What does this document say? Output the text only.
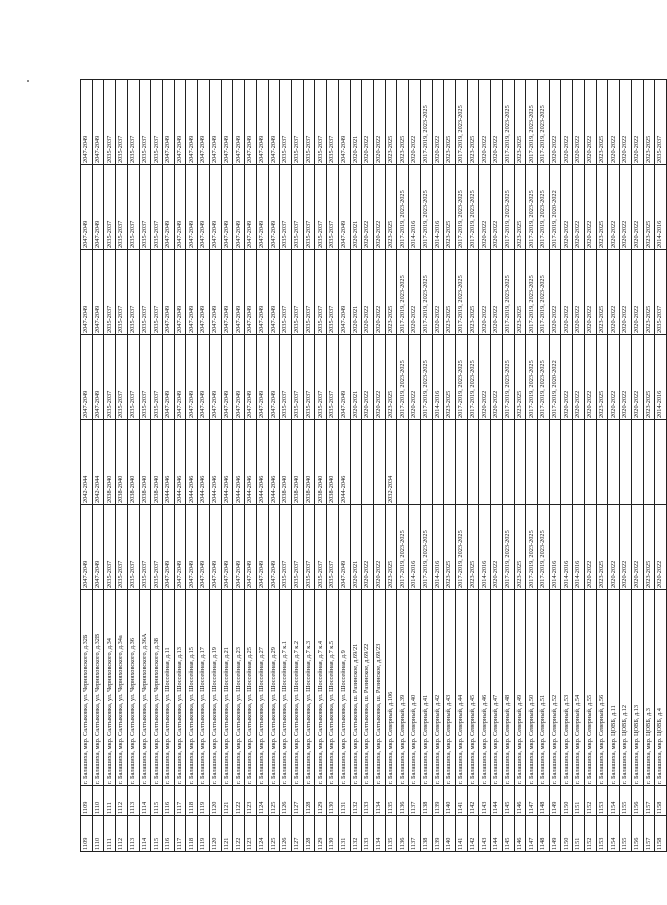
1109	1109	г. Балашиха, мкр. Салтыковка, ул. Черняховского, д.32Б	2047-2049	2042-2044	2047-2049	2047-2049	2047-2049	2047-2049
1110	1110	г. Балашиха, мкр. Салтыковка, ул. Черняховского, д.32В	2047-2049	2042-2044	2047-2049	2047-2049	2047-2049	2047-2049
1111	1111	г. Балашиха, мкр. Салтыковка, ул. Черняховского, д.34	2035-2037	2038-2040	2035-2037	2035-2037	2035-2037	2035-2037
1112	1112	г. Балашиха, мкр. Салтыковка, ул. Черняховского, д.34а	2035-2037	2038-2040	2035-2037	2035-2037	2035-2037	2035-2037
1113	1113	г. Балашиха, мкр. Салтыковка, ул. Черняховского, д.36	2035-2037	2038-2040	2035-2037	2035-2037	2035-2037	2035-2037
1114	1114	г. Балашиха, мкр. Салтыковка, ул. Черняховского, д.36А	2035-2037	2038-2040	2035-2037	2035-2037	2035-2037	2035-2037
1115	1115	г. Балашиха, мкр. Салтыковка, ул. Черняховского, д.38	2035-2037	2038-2040	2035-2037	2035-2037	2035-2037	2035-2037
1116	1116	г. Балашиха, мкр. Салтыковка, ул. Шоссейная, д.11	2047-2049	2044-2046	2047-2049	2047-2049	2047-2049	2047-2049
1117	1117	г. Балашиха, мкр. Салтыковка, ул. Шоссейная, д.13	2047-2049	2044-2046	2047-2049	2047-2049	2047-2049	2047-2049
1118	1118	г. Балашиха, мкр. Салтыковка, ул. Шоссейная, д.15	2047-2049	2044-2046	2047-2049	2047-2049	2047-2049	2047-2049
1119	1119	г. Балашиха, мкр. Салтыковка, ул. Шоссейная, д.17	2047-2049	2044-2046	2047-2049	2047-2049	2047-2049	2047-2049
1120	1120	г. Балашиха, мкр. Салтыковка, ул. Шоссейная, д.19	2047-2049	2044-2046	2047-2049	2047-2049	2047-2049	2047-2049
1121	1121	г. Балашиха, мкр. Салтыковка, ул. Шоссейная, д.21	2047-2049	2044-2046	2047-2049	2047-2049	2047-2049	2047-2049
1122	1122	г. Балашиха, мкр. Салтыковка, ул. Шоссейная, д.23	2047-2049	2044-2046	2047-2049	2047-2049	2047-2049	2047-2049
1123	1123	г. Балашиха, мкр. Салтыковка, ул. Шоссейная, д.25	2047-2049	2044-2046	2047-2049	2047-2049	2047-2049	2047-2049
1124	1124	г. Балашиха, мкр. Салтыковка, ул. Шоссейная, д.27	2047-2049	2044-2046	2047-2049	2047-2049	2047-2049	2047-2049
1125	1125	г. Балашиха, мкр. Салтыковка, ул. Шоссейная, д.29	2047-2049	2044-2046	2047-2049	2047-2049	2047-2049	2047-2049
1126	1126	г. Балашиха, мкр. Салтыковка, ул. Шоссейная, д.7 к.1	2035-2037	2038-2040	2035-2037	2035-2037	2035-2037	2035-2037
1127	1127	г. Балашиха, мкр. Салтыковка, ул. Шоссейная, д.7 к.2	2035-2037	2038-2040	2035-2037	2035-2037	2035-2037	2035-2037
1128	1128	г. Балашиха, мкр. Салтыковка, ул. Шоссейная, д.7 к.3	2035-2037	2038-2040	2035-2037	2035-2037	2035-2037	2035-2037
1129	1129	г. Балашиха, мкр. Салтыковка, ул. Шоссейная, д.7 к.4	2035-2037	2038-2040	2035-2037	2035-2037	2035-2037	2035-2037
1130	1130	г. Балашиха, мкр. Салтыковка, ул. Шоссейная, д.7 к.5	2035-2037	2038-2040	2035-2037	2035-2037	2035-2037	2035-2037
1131	1131	г. Балашиха, мкр. Салтыковка, ул. Шоссейная, д.9	2047-2049	2044-2046	2047-2049	2047-2049	2047-2049	2047-2049
1132	1132	г. Балашиха, мкр. Салтыковка, ш. Разинское, д.69/21	2020-2021		2020-2021	2020-2021	2020-2021	2020-2021
1133	1133	г. Балашиха, мкр. Салтыковка, ш. Разинское, д.69/22	2020-2022		2020-2022	2020-2022	2020-2022	2020-2022
1134	1134	г. Балашиха, мкр. Салтыковка, ш. Разинское, д.69/23	2020-2022		2020-2022	2020-2022	2020-2022	2020-2022
1135	1135	г. Балашиха, мкр. Северный, д.106	2023-2025	2032-2034	2023-2025	2023-2025	2023-2025	2023-2025
1136	1136	г. Балашиха, мкр. Северный, д.39	2017-2019, 2023-2025		2017-2019, 2023-2025	2017-2019, 2023-2025	2017-2019, 2023-2025	2023-2025
1137	1137	г. Балашиха, мкр. Северный, д.40	2014-2016		2020-2022	2020-2022	2014-2016	2020-2022
1138	1138	г. Балашиха, мкр. Северный, д.41	2017-2019, 2023-2025		2017-2019, 2023-2025	2017-2019, 2023-2025	2017-2019, 2023-2025	2017-2019, 2023-2025
1139	1139	г. Балашиха, мкр. Северный, д.42	2014-2016		2014-2016	2020-2022	2014-2016	2020-2022
1140	1140	г. Балашиха, мкр. Северный, д.43	2023-2025		2023-2025	2023-2025	2023-2025	2023-2025
1141	1141	г. Балашиха, мкр. Северный, д.44	2017-2019, 2023-2025		2017-2019, 2023-2025	2017-2019, 2023-2025	2017-2019, 2023-2025	2017-2019, 2023-2025
1142	1142	г. Балашиха, мкр. Северный, д.45	2023-2025		2017-2019, 2023-2025	2023-2025	2017-2019, 2023-2025	2023-2025
1143	1143	г. Балашиха, мкр. Северный, д.46	2014-2016		2020-2022	2020-2022	2020-2022	2020-2022
1144	1144	г. Балашиха, мкр. Северный, д.47	2020-2022		2020-2022	2020-2022	2020-2022	2020-2022
1145	1145	г. Балашиха, мкр. Северный, д.48	2017-2019, 2023-2025		2017-2019, 2023-2025	2017-2019, 2023-2025	2017-2019, 2023-2025	2017-2019, 2023-2025
1146	1146	г. Балашиха, мкр. Северный, д.49	2023-2025		2023-2025	2023-2025	2023-2025	2023-2025
1147	1147	г. Балашиха, мкр. Северный, д.50	2017-2019, 2023-2025		2017-2019, 2023-2025	2017-2019, 2023-2025	2017-2019, 2023-2025	2017-2019, 2023-2025
1148	1148	г. Балашиха, мкр. Северный, д.51	2017-2019, 2023-2025		2017-2019, 2023-2025	2017-2019, 2023-2025	2017-2019, 2023-2025	2017-2019, 2023-2025
1149	1149	г. Балашиха, мкр. Северный, д.52	2014-2016		2017-2019, 2020-2022	2020-2022	2017-2019, 2020-2022	2020-2022
1150	1150	г. Балашиха, мкр. Северный, д.53	2014-2016		2020-2022	2020-2022	2020-2022	2020-2022
1151	1151	г. Балашиха, мкр. Северный, д.54	2014-2016		2020-2022	2020-2022	2020-2022	2020-2022
1152	1152	г. Балашиха, мкр. Северный, д.55	2020-2022		2020-2022	2020-2022	2020-2022	2020-2022
1153	1153	г. Балашиха, мкр. Северный, д.56	2023-2025		2023-2025	2023-2025	2023-2025	2023-2025
1154	1154	г. Балашиха, мкр. ЦОВБ, д.11	2020-2022		2020-2022	2020-2022	2020-2022	2020-2022
1155	1155	г. Балашиха, мкр. ЦОВБ, д.12	2020-2022		2020-2022	2020-2022	2020-2022	2020-2022
1156	1156	г. Балашиха, мкр. ЦОВБ, д.13	2020-2022		2020-2022	2020-2022	2020-2022	2020-2022
1157	1157	г. Балашиха, мкр. ЦОВБ, д.3	2023-2025		2023-2025	2023-2025	2023-2025	2023-2025
1158	1158	г. Балашиха, мкр. ЦОВБ, д.4	2020-2022		2014-2016	2035-2037	2014-2016	2035-2037
